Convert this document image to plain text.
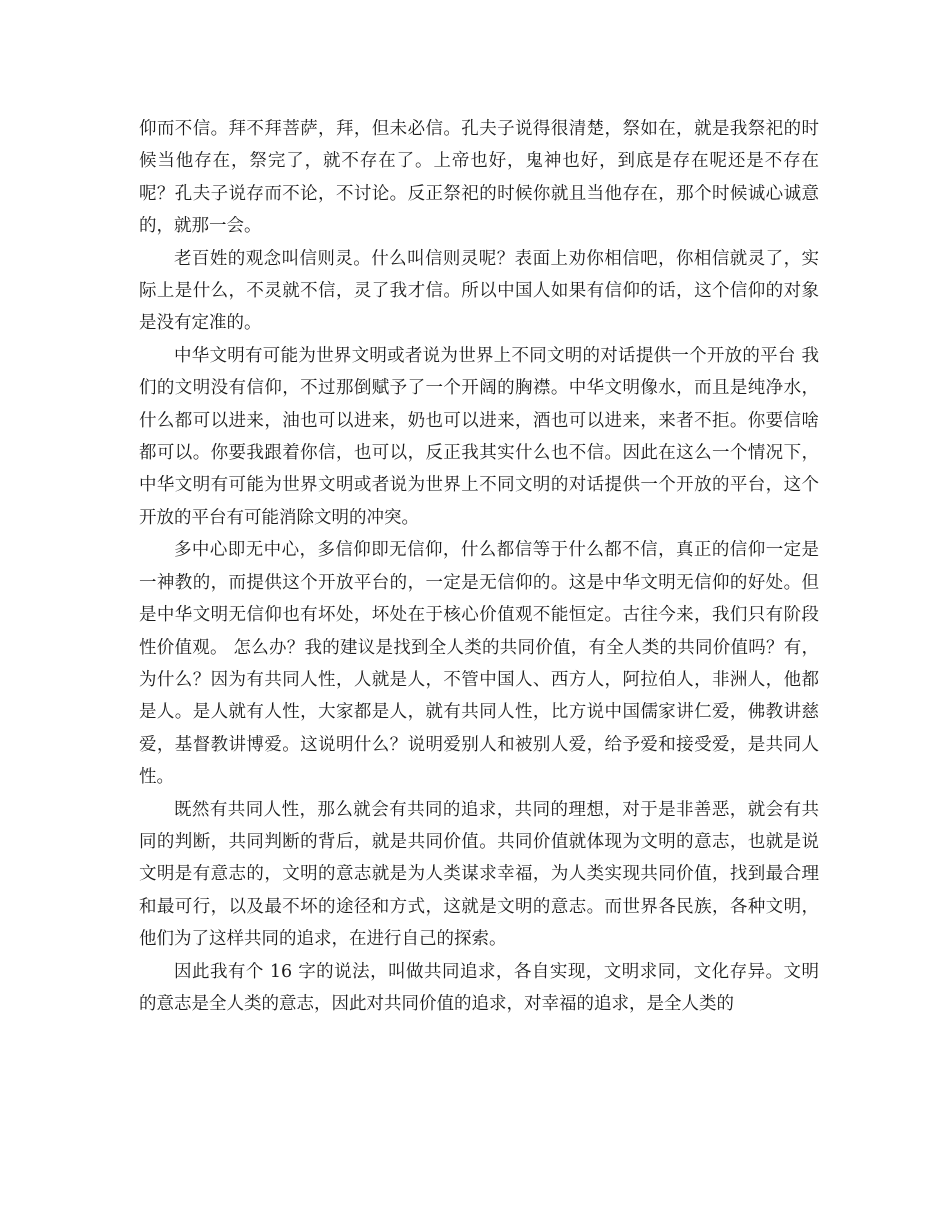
仰而不信。拜不拜菩萨，拜，但未必信。孔夫子说得很清楚，祭如在，就是我祭祀的时候当他存在，祭完了，就不存在了。上帝也好，鬼神也好，到底是存在呢还是不存在呢？孔夫子说存而不论，不讨论。反正祭祀的时候你就且当他存在，那个时候诚心诚意的，就那一会。

老百姓的观念叫信则灵。什么叫信则灵呢？表面上劝你相信吧，你相信就灵了，实际上是什么，不灵就不信，灵了我才信。所以中国人如果有信仰的话，这个信仰的对象是没有定准的。

中华文明有可能为世界文明或者说为世界上不同文明的对话提供一个开放的平台 我们的文明没有信仰，不过那倒赋予了一个开阔的胸襟。中华文明像水，而且是纯净水，什么都可以进来，油也可以进来，奶也可以进来，酒也可以进来，来者不拒。你要信啥都可以。你要我跟着你信，也可以，反正我其实什么也不信。因此在这么一个情况下，中华文明有可能为世界文明或者说为世界上不同文明的对话提供一个开放的平台，这个开放的平台有可能消除文明的冲突。

多中心即无中心，多信仰即无信仰，什么都信等于什么都不信，真正的信仰一定是一神教的，而提供这个开放平台的，一定是无信仰的。这是中华文明无信仰的好处。但是中华文明无信仰也有坏处，坏处在于核心价值观不能恒定。古往今来，我们只有阶段性价值观。 怎么办？我的建议是找到全人类的共同价值，有全人类的共同价值吗？有，为什么？因为有共同人性，人就是人，不管中国人、西方人，阿拉伯人，非洲人，他都是人。是人就有人性，大家都是人，就有共同人性，比方说中国儒家讲仁爱，佛教讲慈爱，基督教讲博爱。这说明什么？说明爱别人和被别人爱，给予爱和接受爱，是共同人性。

既然有共同人性，那么就会有共同的追求，共同的理想，对于是非善恶，就会有共同的判断，共同判断的背后，就是共同价值。共同价值就体现为文明的意志，也就是说文明是有意志的，文明的意志就是为人类谋求幸福，为人类实现共同价值，找到最合理和最可行，以及最不坏的途径和方式，这就是文明的意志。而世界各民族，各种文明，他们为了这样共同的追求，在进行自己的探索。

因此我有个 16 字的说法，叫做共同追求，各自实现，文明求同，文化存异。文明的意志是全人类的意志，因此对共同价值的追求，对幸福的追求，是全人类的
